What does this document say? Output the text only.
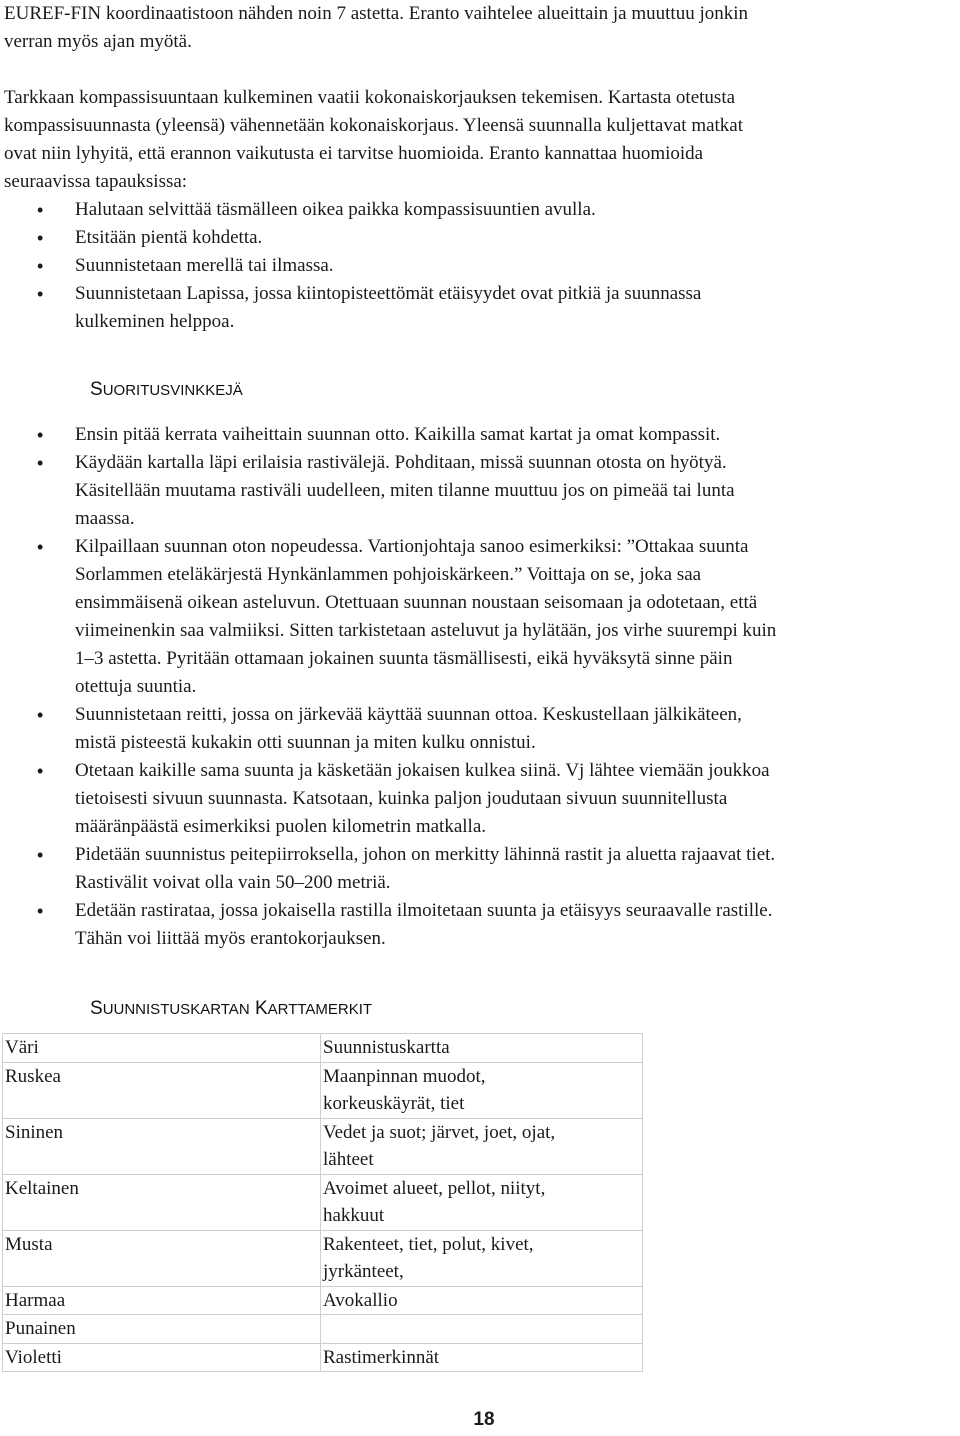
EUREF-FIN koordinaatistoon nähden noin 7 astetta. Eranto vaihtelee alueittain ja muuttuu jonkin
verran myös ajan myötä.

Tarkkaan kompassisuuntaan kulkeminen vaatii kokonaiskorjauksen tekemisen. Kartasta otetusta
kompassisuunnasta (yleensä) vähennetään kokonaiskorjaus. Yleensä suunnalla kuljettavat matkat
ovat niin lyhyitä, että erannon vaikutusta ei tarvitse huomioida. Eranto kannattaa huomioida
seuraavissa tapauksissa:

• Halutaan selvittää täsmälleen oikea paikka kompassisuuntien avulla.
• Etsitään pientä kohdetta.
• Suunnistetaan merellä tai ilmassa.
• Suunnistetaan Lapissa, jossa kiintopisteettömät etäisyydet ovat pitkiä ja suunnassa
kulkeminen helppoa.
SUORITUSVINKKEJÄ
• Ensin pitää kerrata vaiheittain suunnan otto. Kaikilla samat kartat ja omat kompassit.
• Käydään kartalla läpi erilaisia rastivälejä. Pohditaan, missä suunnan otosta on hyötyä.
Käsitellään muutama rastiväli uudelleen, miten tilanne muuttuu jos on pimeää tai lunta
maassa.
• Kilpaillaan suunnan oton nopeudessa. Vartionjohtaja sanoo esimerkiksi: ”Ottakaa suunta
Sorlammen eteläkärjestä Hynkänlammen pohjoiskärkeen.” Voittaja on se, joka saa
ensimmäisenä oikean asteluvun. Otettuaan suunnan noustaan seisomaan ja odotetaan, että
viimeinenkin saa valmiiksi. Sitten tarkistetaan asteluvut ja hylätään, jos virhe suurempi kuin
1–3 astetta. Pyritään ottamaan jokainen suunta täsmällisesti, eikä hyväksytä sinne päin
otettuja suuntia.
• Suunnistetaan reitti, jossa on järkevää käyttää suunnan ottoa. Keskustellaan jälkikäteen,
mistä pisteestä kukakin otti suunnan ja miten kulku onnistui.
• Otetaan kaikille sama suunta ja käsketään jokaisen kulkea siinä. Vj lähtee viemään joukkoa
tietoisesti sivuun suunnasta. Katsotaan, kuinka paljon joudutaan sivuun suunnitellusta
määränpäästä esimerkiksi puolen kilometrin matkalla.
• Pidetään suunnistus peitepiirroksella, johon on merkitty lähinnä rastit ja aluetta rajaavat tiet.
Rastivälit voivat olla vain 50–200 metriä.
• Edetään rastirataa, jossa jokaisella rastilla ilmoitetaan suunta ja etäisyys seuraavalle rastille.
Tähän voi liittää myös erantokorjauksen.
SUUNNISTUSKARTAN KARTTAMERKIT
Väri	Suunnistuskartta
Ruskea	Maanpinnan muodot,
korkeuskäyrät, tiet
Sininen	Vedet ja suot; järvet, joet, ojat,
lähteet
Keltainen	Avoimet alueet, pellot, niityt,
hakkuut
Musta	Rakenteet, tiet, polut, kivet,
jyrkänteet,
Harmaa	Avokallio
Punainen	
Violetti	Rastimerkinnät
18
